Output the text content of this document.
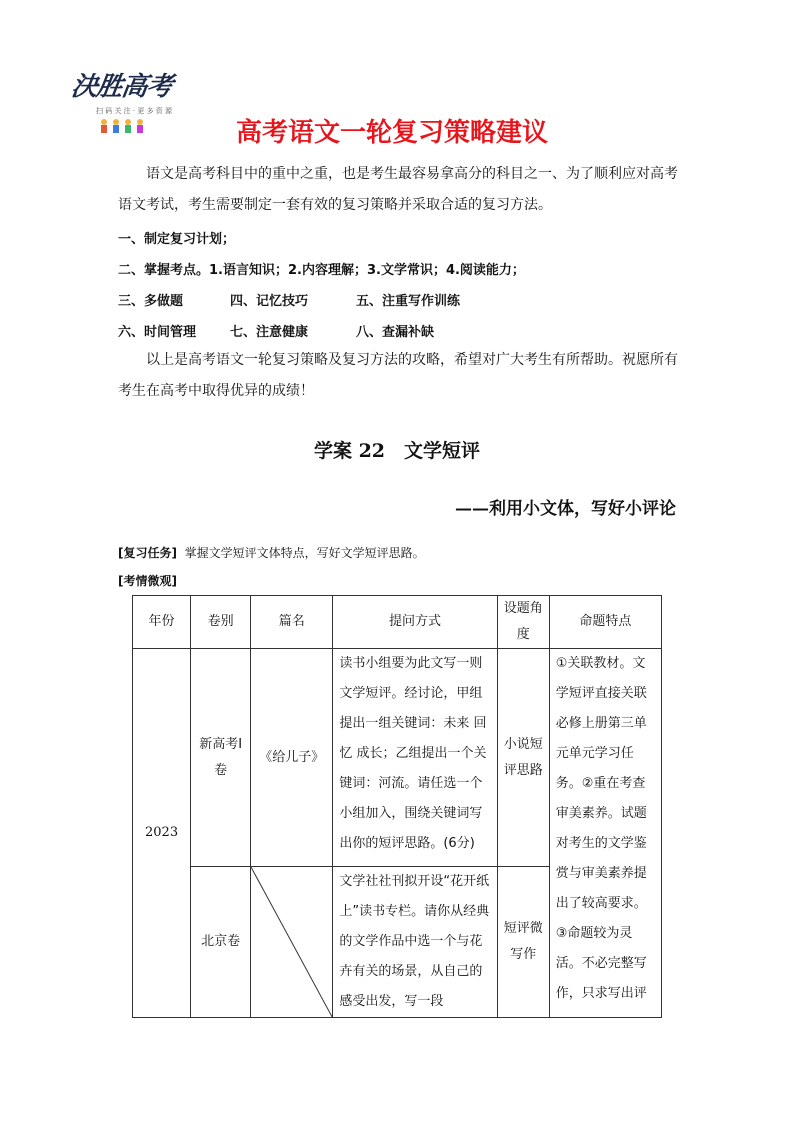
決胜高考
扫 码 关 注 · 更 多 资 源
高考语文一轮复习策略建议
语文是高考科目中的重中之重，也是考生最容易拿高分的科目之一、为了顺利应对高考语文考试，考生需要制定一套有效的复习策略并采取合适的复习方法。
一、制定复习计划；
二、掌握考点。1.语言知识；2.内容理解；3.文学常识；4.阅读能力；
三、多做题	四、记忆技巧	五、注重写作训练
六、时间管理	七、注意健康	八、查漏补缺
以上是高考语文一轮复习策略及复习方法的攻略，希望对广大考生有所帮助。祝愿所有考生在高考中取得优异的成绩！
学案 22　文学短评
——利用小文体，写好小评论
[复习任务] 掌握文学短评文体特点，写好文学短评思路。
[考情微观]
年份	卷别	篇名	提问方式	设题角度	命题特点
2023	新高考Ⅰ卷	《给儿子》	读书小组要为此文写一则文学短评。经讨论，甲组提出一组关键词：未来 回忆 成长；乙组提出一个关键词：河流。请任选一个小组加入，围绕关键词写出你的短评思路。(6分)	小说短评思路	①关联教材。文学短评直接关联必修上册第三单元单元学习任务。②重在考查审美素养。试题对考生的文学鉴赏与审美素养提出了较高要求。③命题较为灵活。不必完整写作，只求写出评
	北京卷		文学社社刊拟开设“花开纸上”读书专栏。请你从经典的文学作品中选一个与花卉有关的场景，从自己的感受出发，写一段	短评微写作	
